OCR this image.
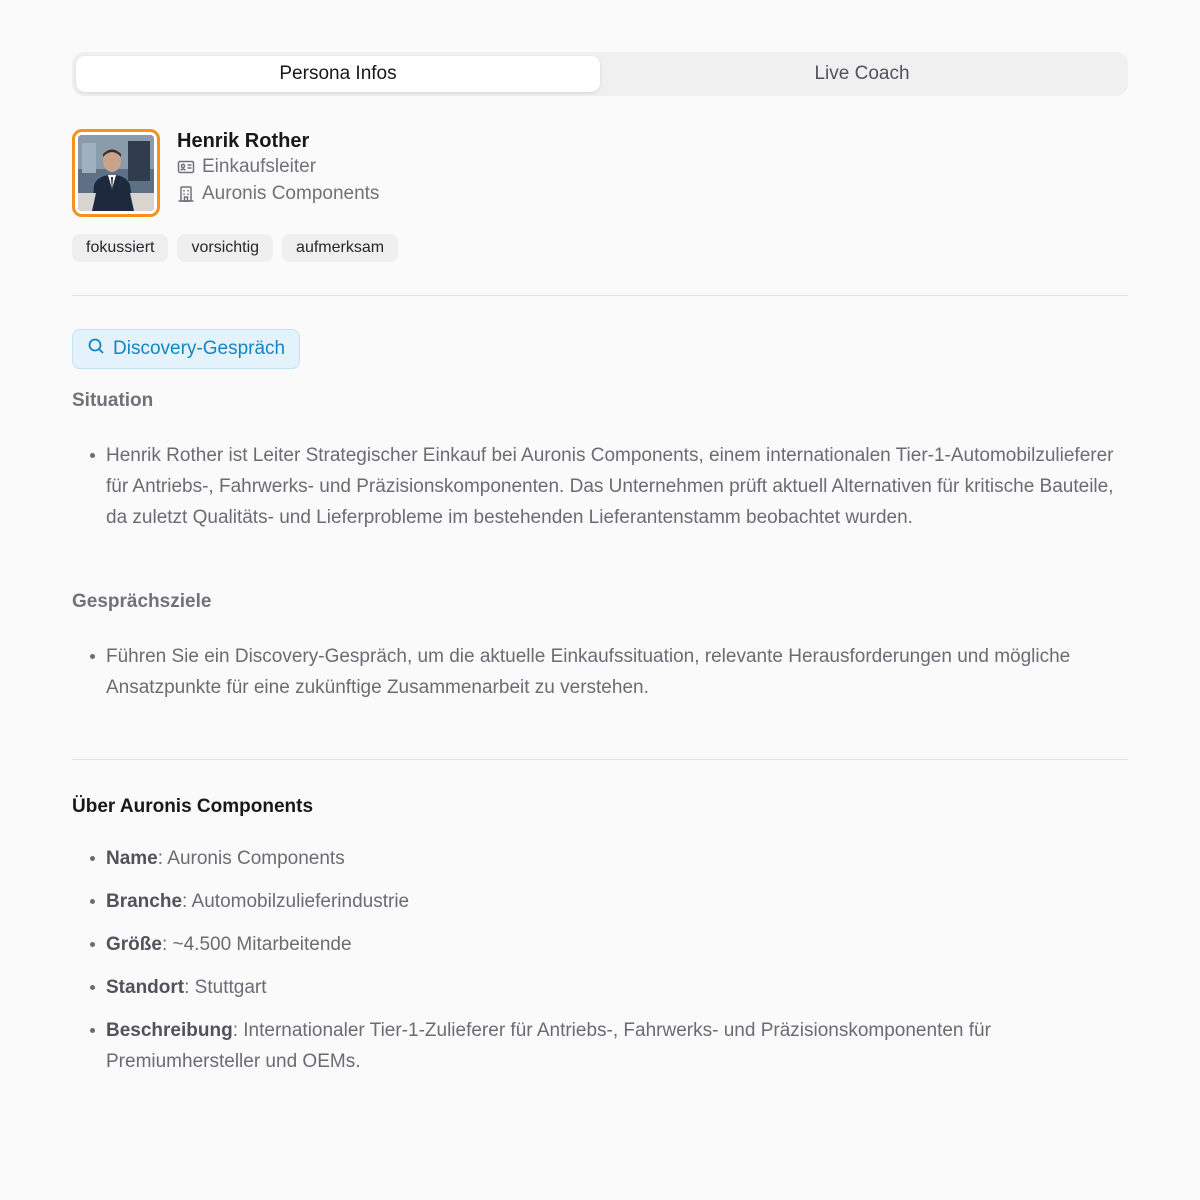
Persona Infos	Live Coach
Henrik Rother
Einkaufsleiter
Auronis Components
fokussiert	vorsichtig	aufmerksam
Discovery-Gespräch
Situation
Henrik Rother ist Leiter Strategischer Einkauf bei Auronis Components, einem internationalen Tier-1-Automobilzulieferer für Antriebs-, Fahrwerks- und Präzisionskomponenten. Das Unternehmen prüft aktuell Alternativen für kritische Bauteile, da zuletzt Qualitäts- und Lieferprobleme im bestehenden Lieferantenstamm beobachtet wurden.
Gesprächsziele
Führen Sie ein Discovery-Gespräch, um die aktuelle Einkaufssituation, relevante Herausforderungen und mögliche Ansatzpunkte für eine zukünftige Zusammenarbeit zu verstehen.
Über Auronis Components
Name: Auronis Components
Branche: Automobilzulieferindustrie
Größe: ~4.500 Mitarbeitende
Standort: Stuttgart
Beschreibung: Internationaler Tier-1-Zulieferer für Antriebs-, Fahrwerks- und Präzisionskomponenten für Premiumhersteller und OEMs.
